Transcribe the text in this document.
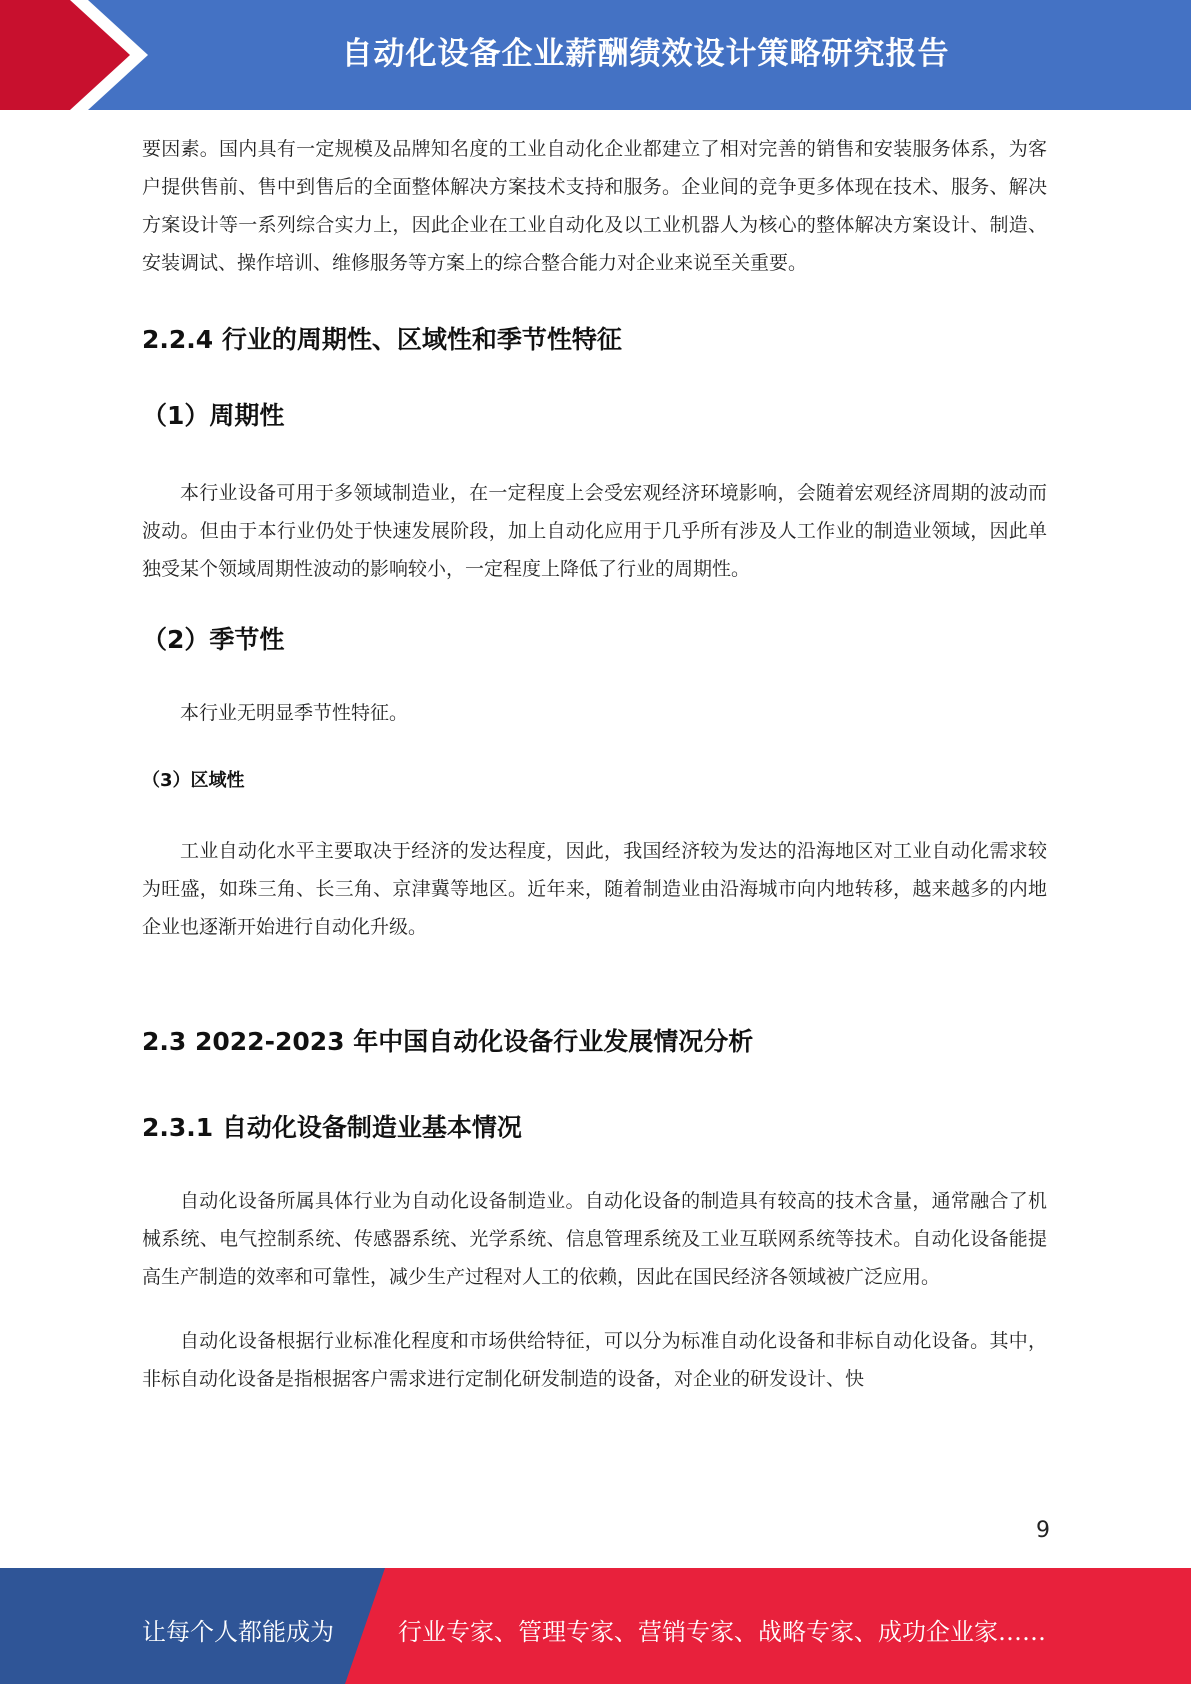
自动化设备企业薪酬绩效设计策略研究报告

要因素。国内具有一定规模及品牌知名度的工业自动化企业都建立了相对完善的销售和安装服务体系，为客户提供售前、售中到售后的全面整体解决方案技术支持和服务。企业间的竞争更多体现在技术、服务、解决方案设计等一系列综合实力上，因此企业在工业自动化及以工业机器人为核心的整体解决方案设计、制造、安装调试、操作培训、维修服务等方案上的综合整合能力对企业来说至关重要。

2.2.4 行业的周期性、区域性和季节性特征
（1）周期性

本行业设备可用于多领域制造业，在一定程度上会受宏观经济环境影响，会随着宏观经济周期的波动而波动。但由于本行业仍处于快速发展阶段，加上自动化应用于几乎所有涉及人工作业的制造业领域，因此单独受某个领域周期性波动的影响较小，一定程度上降低了行业的周期性。

（2）季节性

本行业无明显季节性特征。

（3）区域性

工业自动化水平主要取决于经济的发达程度，因此，我国经济较为发达的沿海地区对工业自动化需求较为旺盛，如珠三角、长三角、京津冀等地区。近年来，随着制造业由沿海城市向内地转移，越来越多的内地企业也逐渐开始进行自动化升级。

2.3 2022-2023 年中国自动化设备行业发展情况分析
2.3.1 自动化设备制造业基本情况

自动化设备所属具体行业为自动化设备制造业。自动化设备的制造具有较高的技术含量，通常融合了机械系统、电气控制系统、传感器系统、光学系统、信息管理系统及工业互联网系统等技术。自动化设备能提高生产制造的效率和可靠性，减少生产过程对人工的依赖，因此在国民经济各领域被广泛应用。

自动化设备根据行业标准化程度和市场供给特征，可以分为标准自动化设备和非标自动化设备。其中，非标自动化设备是指根据客户需求进行定制化研发制造的设备，对企业的研发设计、快

9
让每个人都能成为	行业专家、管理专家、营销专家、战略专家、成功企业家……
